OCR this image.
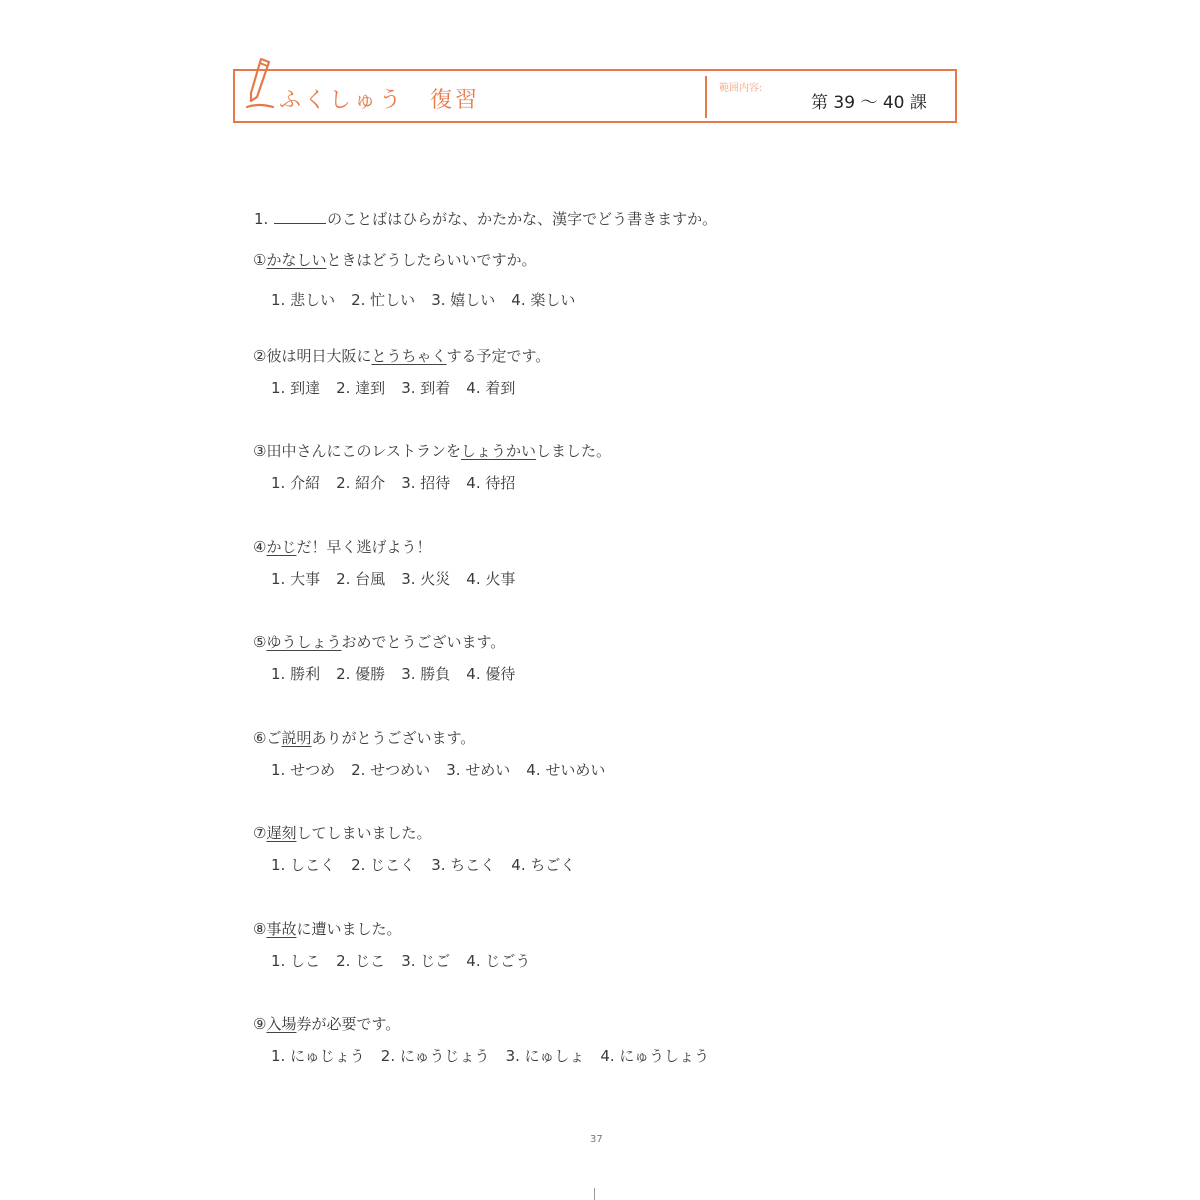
ふくしゅう 復習	範囲内容:
第 39 〜 40 課
1.	のことばはひらがな、かたかな、漢字でどう書きますか。
①かなしいときはどうしたらいいですか。
1. 悲しい 2. 忙しい 3. 嬉しい 4. 楽しい
②彼は明日大阪にとうちゃくする予定です。
1. 到達 2. 達到 3. 到着 4. 着到
③田中さんにこのレストランをしょうかいしました。
1. 介紹 2. 紹介 3. 招待 4. 待招
④かじだ！早く逃げよう！
1. 大事 2. 台風 3. 火災 4. 火事
⑤ゆうしょうおめでとうございます。
1. 勝利 2. 優勝 3. 勝負 4. 優待
⑥ご説明ありがとうございます。
1. せつめ 2. せつめい 3. せめい 4. せいめい
⑦遅刻してしまいました。
1. しこく 2. じこく 3. ちこく 4. ちごく
⑧事故に遭いました。
1. しこ 2. じこ 3. じご 4. じごう
⑨入場券が必要です。
1. にゅじょう 2. にゅうじょう 3. にゅしょ 4. にゅうしょう
37
